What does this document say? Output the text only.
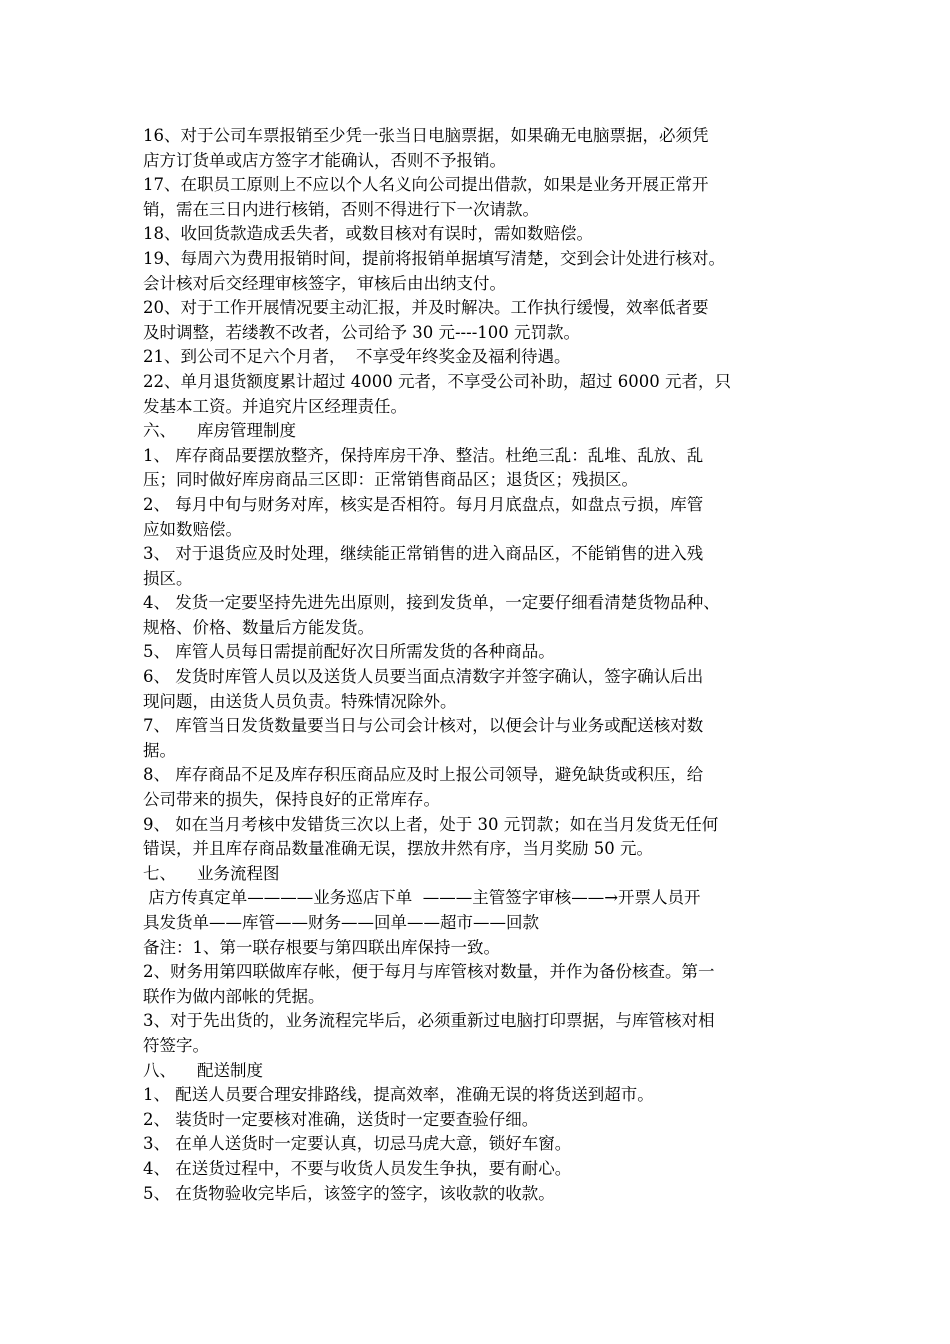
16、对于公司车票报销至少凭一张当日电脑票据，如果确无电脑票据，必须凭
店方订货单或店方签字才能确认，否则不予报销。
17、在职员工原则上不应以个人名义向公司提出借款，如果是业务开展正常开
销，需在三日内进行核销，否则不得进行下一次请款。
18、收回货款造成丢失者，或数目核对有误时，需如数赔偿。
19、每周六为费用报销时间，提前将报销单据填写清楚，交到会计处进行核对。
会计核对后交经理审核签字，审核后由出纳支付。
20、对于工作开展情况要主动汇报，并及时解决。工作执行缓慢，效率低者要
及时调整，若缕教不改者，公司给予 30 元----100 元罚款。
21、到公司不足六个月者，  不享受年终奖金及福利待遇。
22、单月退货额度累计超过 4000 元者，不享受公司补助，超过 6000 元者，只
发基本工资。并追究片区经理责任。
六、    库房管理制度
1、 库存商品要摆放整齐，保持库房干净、整洁。杜绝三乱：乱堆、乱放、乱
压；同时做好库房商品三区即：正常销售商品区；退货区；残损区。
2、 每月中旬与财务对库，核实是否相符。每月月底盘点，如盘点亏损，库管
应如数赔偿。
3、 对于退货应及时处理，继续能正常销售的进入商品区，不能销售的进入残
损区。
4、 发货一定要坚持先进先出原则，接到发货单，一定要仔细看清楚货物品种、
规格、价格、数量后方能发货。
5、 库管人员每日需提前配好次日所需发货的各种商品。
6、 发货时库管人员以及送货人员要当面点清数字并签字确认，签字确认后出
现问题，由送货人员负责。特殊情况除外。
7、 库管当日发货数量要当日与公司会计核对，以便会计与业务或配送核对数
据。
8、 库存商品不足及库存积压商品应及时上报公司领导，避免缺货或积压，给
公司带来的损失，保持良好的正常库存。
9、 如在当月考核中发错货三次以上者，处于 30 元罚款；如在当月发货无任何
错误，并且库存商品数量准确无误，摆放井然有序，当月奖励 50 元。
七、    业务流程图
店方传真定单————业务巡店下单  ———主管签字审核——→开票人员开
具发货单——库管——财务——回单——超市——回款
备注：1、第一联存根要与第四联出库保持一致。
2、财务用第四联做库存帐，便于每月与库管核对数量，并作为备份核查。第一
联作为做内部帐的凭据。
3、对于先出货的，业务流程完毕后，必须重新过电脑打印票据，与库管核对相
符签字。
八、    配送制度
1、 配送人员要合理安排路线，提高效率，准确无误的将货送到超市。
2、 装货时一定要核对准确，送货时一定要查验仔细。
3、 在单人送货时一定要认真，切忌马虎大意，锁好车窗。
4、 在送货过程中，不要与收货人员发生争执，要有耐心。
5、 在货物验收完毕后，该签字的签字，该收款的收款。
